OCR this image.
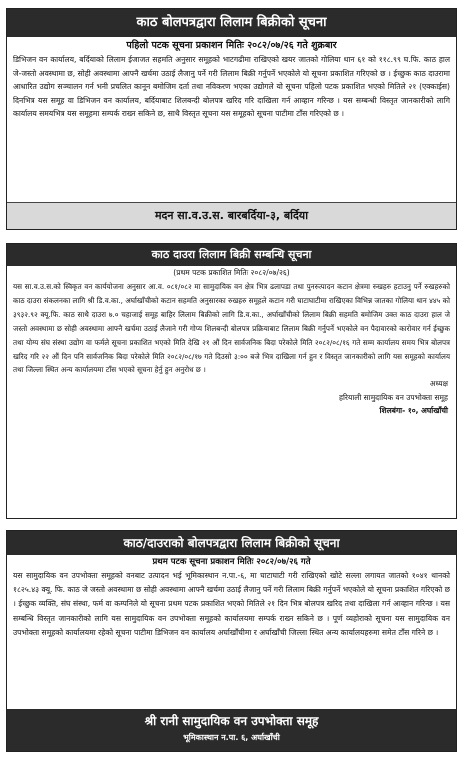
काठ बोलपत्रद्वारा लिलाम बिक्रीको सूचना
पहिलो पटक सूचना प्रकाशन मितिः २०८२/०७/२६ गते शुक्रबार
डिभिजन वन कार्यालय, बर्दियाको लिलाम ईजाजत सहमति अनुसार समूहको भाटगढीमा राखिएको खयर जातको गोलिया थान ६१ को ११८.९९ घ.फि. काठ हाल जे-जस्तो अवस्थामा छ, सोही अवस्थामा आफ्नै खर्चमा उठाई लैजानु पर्ने गरी लिलाम बिक्री गर्नुपर्ने भएकोले यो सूचना प्रकाशित गरिएको छ । ईच्छुक काठ दाउरामा आधारित उद्योग सञ्चालन गर्न भनी प्रचलित कानून बमोजिम दर्ता तथा नविकरण भएका उद्योगले यो सूचना पहिलो पटक प्रकाशित भएको मितिले २१ (एक्काईस) दिनभित्र यस समूह वा डिभिजन वन कार्यालय, बर्दियाबाट शिलबन्दी बोलपत्र खरिद गरि दाखिला गर्न आव्हान गरिन्छ । यस सम्बन्धी विस्तृत जानकारीको लागि कार्यालय समयभित्र यस समूहमा सम्पर्क राख्न सकिने छ, साथै विस्तृत सूचना यस समूहको सूचना पाटीमा टाँस गरिएको छ ।
मदन सा.व.उ.स. बारबर्दिया-३, बर्दिया
काठ दाउरा लिलाम बिक्री सम्बन्धि सूचना
(प्रथम पटक प्रकाशित मितिः २०८२/०७/२६)
यस सा.व.उ.स.को स्विकृत वन कार्ययोजना अनुसार आ.व. ०८१/०८२ मा सामुदायिक वन क्षेत्र भित्र ढलापडा तथा पुनरुत्पादन कटान क्षेत्रमा रुखहरु हटाउनु पर्ने रुखहरुको काठ दाउरा संकलनका लागि श्री डि.व.का., अर्घाखाँचीको कटान सहमति अनुसारका रुखहरु समूहले कटान गरी घाटाघाटीमा राखिएका विभिन्न जातका गोलिया थान ४४५ को ३९३२.९२ क्यू.फि. काठ साथै दाउरा ७.० चहाजाई समूह बाहिर लिलाम बिक्रीको लागि डि.व.का., अर्घाखाँचीको लिलाम बिक्री सहमति बमोजिम उक्त काठ दाउरा हाल जे जस्तो अवस्थामा छ सोही अवस्थामा आफ्नै खर्चमा उठाई लैजाने गरी गोप्य शिलबन्दी बोलपत्र प्रक्रियाबाट लिलाम बिक्री गर्नुपर्ने भएकोले वन पैदावारको कारोवार गर्न ईच्छुक तथा योग्य संघ संस्था उद्योग वा फर्मले सूचना प्रकाशित भएको मिति देखि २१ औं दिन सार्वजनिक बिदा परेकोले मिति २०८२/०८/१६ गते सम्म कार्यालय समय भित्र बोलपत्र खरिद गरि २२ औं दिन पनि सार्वजनिक बिदा परेकोले मिति २०८२/०८/१७ गते दिउसो ३:०० बजे भित्र दाखिला गर्न हुन र विस्तृत जानकारीको लागि यस समूहको कार्यालय तथा जिल्ला स्थित अन्य कार्यालयमा टाँस भएको सूचना हेर्नु हुन अनुरोध छ ।
अध्यक्ष
हरियाली सामुदायिक वन उपभोक्ता समूह
शिलबंगा- १०, अर्घाखाँची
काठ/दाउराको बोलपत्रद्वारा लिलाम बिक्रीको सूचना
प्रथम पटक सूचना प्रकाशन मितिः २०८२/०७/२६ गते
यस सामुदायिक वन उपभोक्ता समूहको वनबाट उत्पादन भई भूमिकास्थान न.पा.-६, मा घाटाघाटी गरी राखिएको खोटे सल्ला लगायत जातको १०४१ थानको १८२५.४३ क्यू. फि. काठ जे जस्तो अवस्थामा छ सोही अवस्थामा आफ्नै खर्चमा उठाई लैजानु पर्ने गरी लिलाम बिक्री गर्नुपर्ने भएकोले यो सूचना प्रकाशित गरिएको छ । ईच्छुक व्यक्ति, संघ संस्था, फर्म वा कम्पनिले यो सूचना प्रथम पटक प्रकाशित भएको मितिले २१ दिन भित्र बोलपत्र खरिद तथा दाखिला गर्न आव्हान गरिन्छ । यस सम्बन्धि विस्तृत जानकारीको लागि यस सामुदायिक वन उपभोक्ता समूहको कार्यालयमा सम्पर्क राख्न सकिने छ । पूर्ण व्यहोराको सूचना यस सामुदायिक वन उपभोक्ता समूहको कार्यालयमा रहेको सूचना पाटीमा डिभिजन वन कार्यालय अर्घाखाँचीमा र अर्घाखाँची जिल्ला स्थित अन्य कार्यालयहरुमा समेत टाँस गरिने छ ।
श्री रानी सामुदायिक वन उपभोक्ता समूह
भूमिकास्थान न.पा. ६, अर्घाखाँची
